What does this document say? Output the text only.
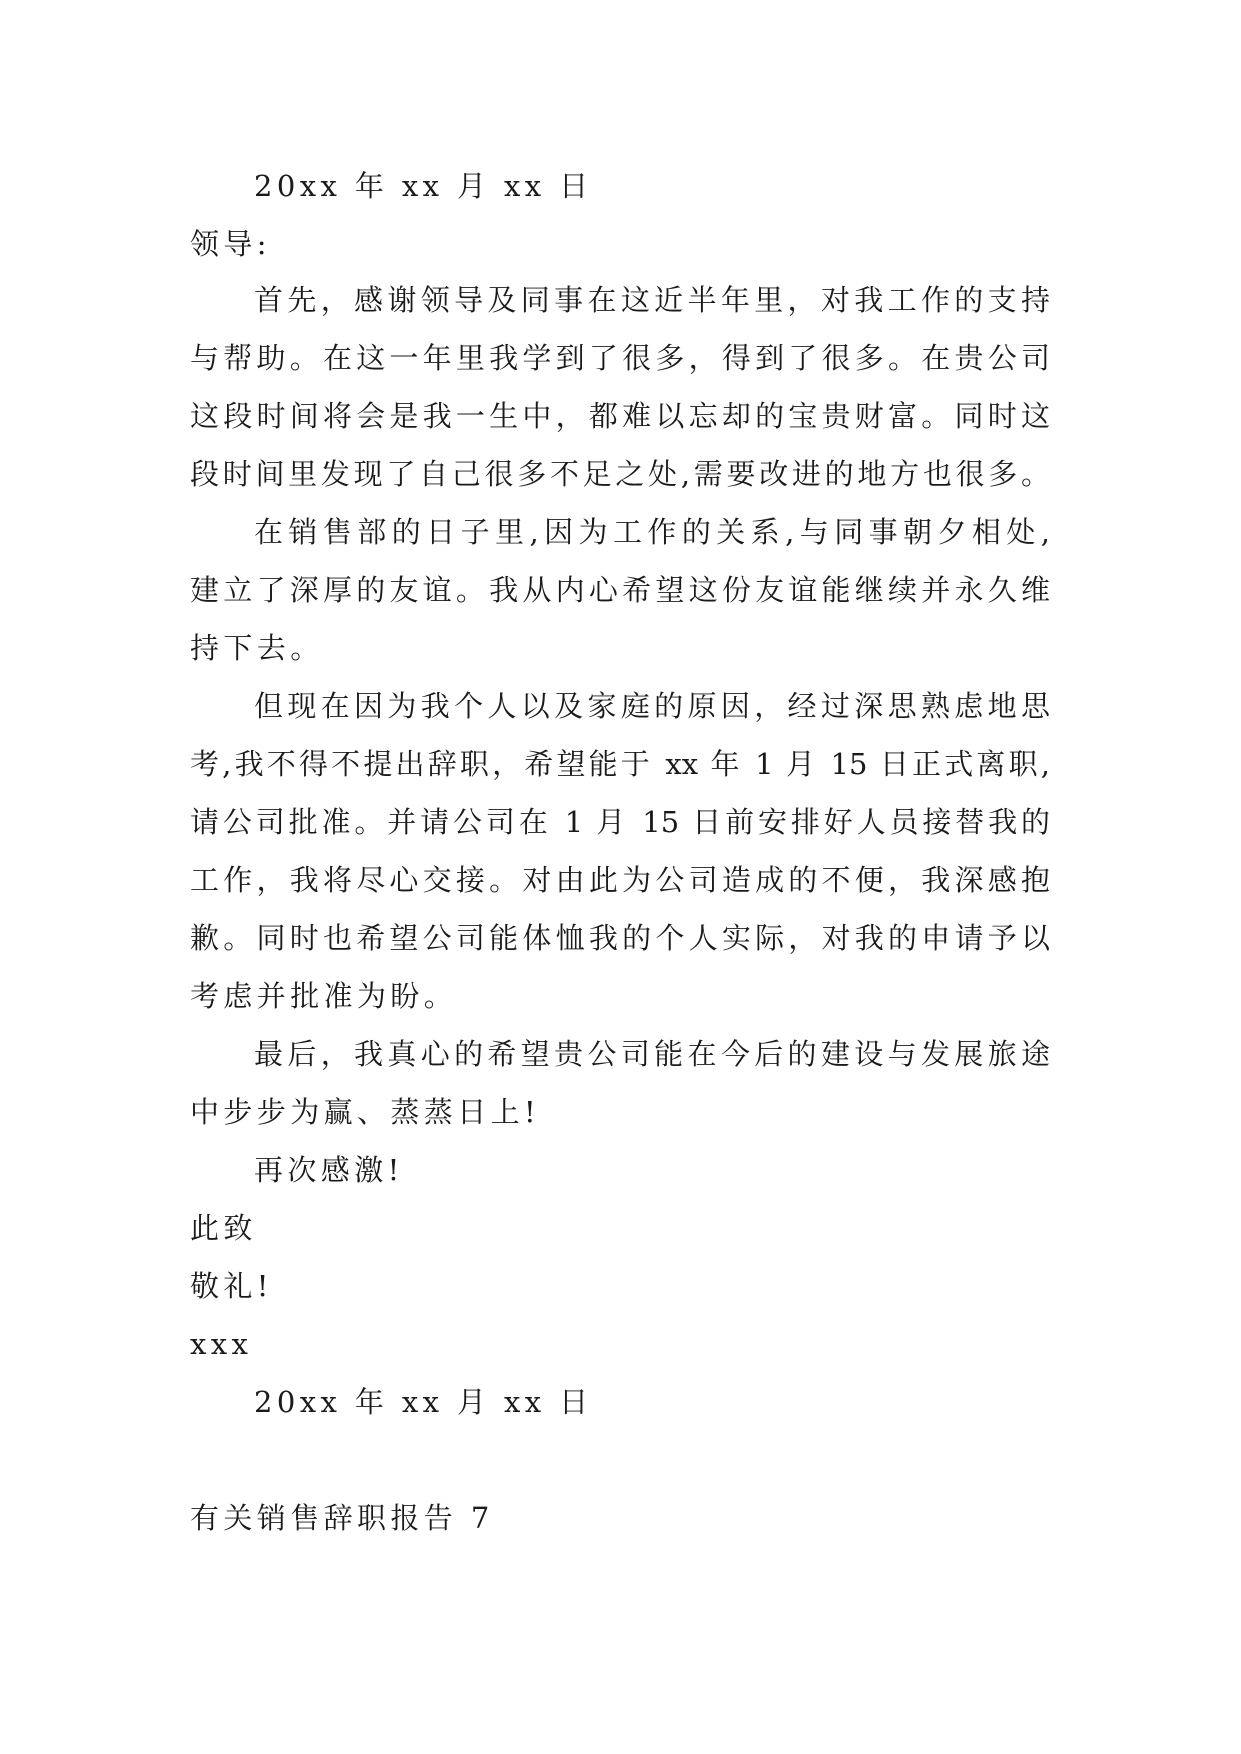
20xx 年 xx 月 xx 日
领导:
首先，感谢领导及同事在这近半年里，对我工作的支持
与帮助。在这一年里我学到了很多，得到了很多。在贵公司
这段时间将会是我一生中，都难以忘却的宝贵财富。同时这
段时间里发现了自己很多不足之处,需要改进的地方也很多。
在销售部的日子里,因为工作的关系,与同事朝夕相处,
建立了深厚的友谊。我从内心希望这份友谊能继续并永久维
持下去。
但现在因为我个人以及家庭的原因，经过深思熟虑地思
考,我不得不提出辞职，希望能于 xx 年 1 月 15 日正式离职,
请公司批准。并请公司在 1 月 15 日前安排好人员接替我的
工作，我将尽心交接。对由此为公司造成的不便，我深感抱
歉。同时也希望公司能体恤我的个人实际，对我的申请予以
考虑并批准为盼。
最后，我真心的希望贵公司能在今后的建设与发展旅途
中步步为赢、蒸蒸日上!
再次感激!
此致
敬礼!
xxx
20xx 年 xx 月 xx 日
有关销售辞职报告 7
